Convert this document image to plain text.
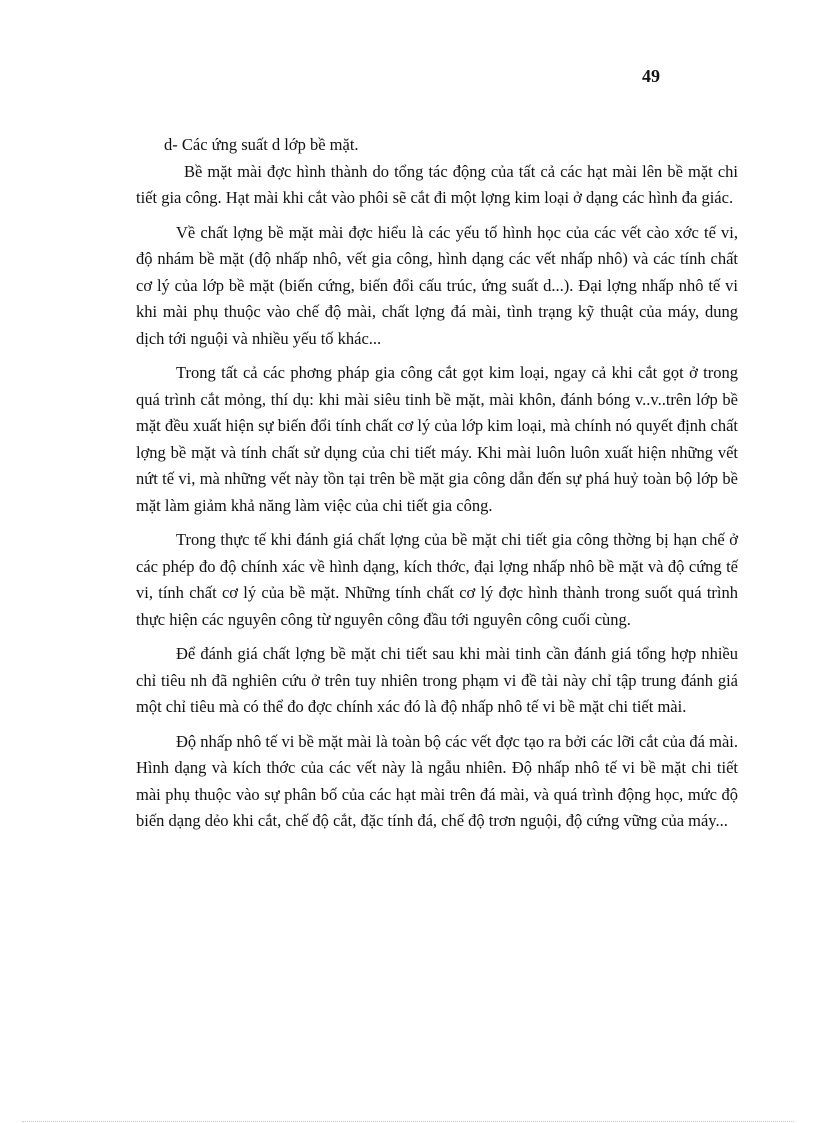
49

d- Các ứng suất d lớp bề mặt.

Bề mặt mài đợc hình thành do tổng tác động của tất cả các hạt mài lên bề mặt chi tiết gia công. Hạt mài khi cắt vào phôi sẽ cắt đi một lợng kim loại ở dạng các hình đa giác.

Về chất lợng bề mặt mài đợc hiểu là các yếu tố hình học của các vết cào xớc tế vi, độ nhám bề mặt (độ nhấp nhô, vết gia công, hình dạng các vết nhấp nhô) và các tính chất cơ lý của lớp bề mặt (biến cứng, biến đổi cấu trúc, ứng suất d...). Đại lợng nhấp nhô tế vi khi mài phụ thuộc vào chế độ mài, chất lợng đá mài, tình trạng kỹ thuật của máy, dung dịch tới nguội và nhiều yếu tố khác...

Trong tất cả các phơng pháp gia công cắt gọt kim loại, ngay cả khi cắt gọt ở trong quá trình cắt mỏng, thí dụ: khi mài siêu tinh bề mặt, mài khôn, đánh bóng v..v..trên lớp bề mặt đều xuất hiện sự biến đổi tính chất cơ lý của lớp kim loại, mà chính nó quyết định chất lợng bề mặt và tính chất sử dụng của chi tiết máy. Khi mài luôn luôn xuất hiện những vết nứt tế vi, mà những vết này tồn tại trên bề mặt gia công dẫn đến sự phá huỷ toàn bộ lớp bề mặt làm giảm khả năng làm việc của chi tiết gia công.

Trong thực tế khi đánh giá chất lợng của bề mặt chi tiết gia công thờng bị hạn chế ở các phép đo độ chính xác về hình dạng, kích thớc, đại lợng nhấp nhô bề mặt và độ cứng tế vi, tính chất cơ lý của bề mặt. Những tính chất cơ lý đợc hình thành trong suốt quá trình thực hiện các nguyên công từ nguyên công đầu tới nguyên công cuối cùng.

Để đánh giá chất lợng bề mặt chi tiết sau khi mài tinh cần đánh giá tổng hợp nhiều chỉ tiêu nh đã nghiên cứu ở trên tuy nhiên trong phạm vi đề tài này chỉ tập trung đánh giá một chỉ tiêu mà có thể đo đợc chính xác đó là độ nhấp nhô tế vi bề mặt chi tiết mài.

Độ nhấp nhô tế vi bề mặt mài là toàn bộ các vết đợc tạo ra bởi các lỡi cắt của đá mài. Hình dạng và kích thớc của các vết này là ngẫu nhiên. Độ nhấp nhô tế vi bề mặt chi tiết mài phụ thuộc vào sự phân bố của các hạt mài trên đá mài, và quá trình động học, mức độ biến dạng dẻo khi cắt, chế độ cắt, đặc tính đá, chế độ trơn nguội, độ cứng vững của máy...
